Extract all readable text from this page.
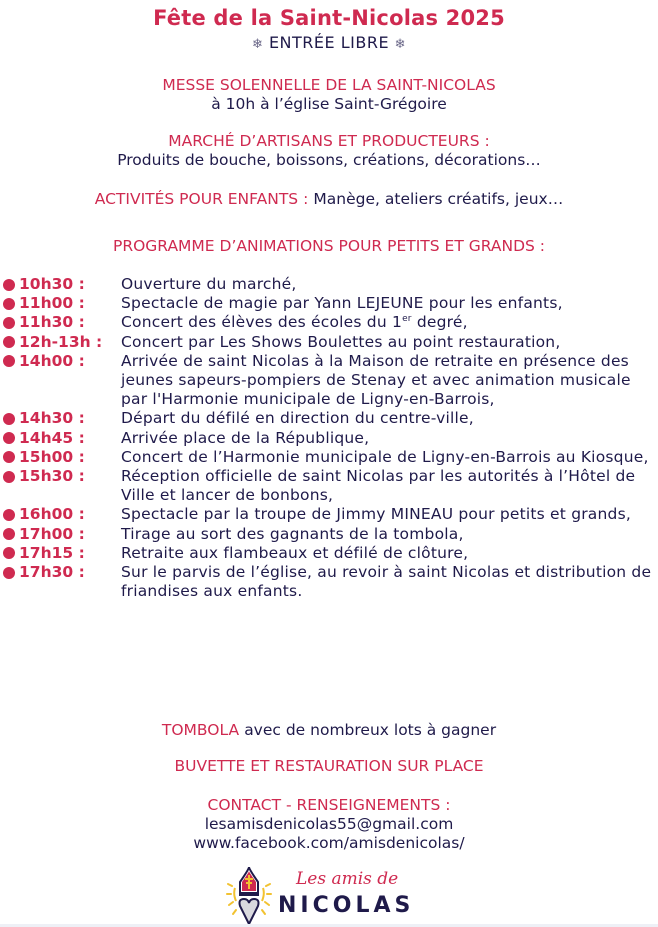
Fête de la Saint-Nicolas 2025
❄ ENTRÉE LIBRE ❄
MESSE SOLENNELLE DE LA SAINT-NICOLAS
à 10h à l’église Saint-Grégoire
MARCHÉ D’ARTISANS ET PRODUCTEURS :
Produits de bouche, boissons, créations, décorations…
ACTIVITÉS POUR ENFANTS : Manège, ateliers créatifs, jeux…
PROGRAMME D’ANIMATIONS POUR PETITS ET GRANDS :
10h30 : Ouverture du marché,
11h00 : Spectacle de magie par Yann LEJEUNE pour les enfants,
11h30 : Concert des élèves des écoles du 1er degré,
12h-13h : Concert par Les Shows Boulettes au point restauration,
14h00 : Arrivée de saint Nicolas à la Maison de retraite en présence des jeunes sapeurs-pompiers de Stenay et avec animation musicale par l'Harmonie municipale de Ligny-en-Barrois,
14h30 : Départ du défilé en direction du centre-ville,
14h45 : Arrivée place de la République,
15h00 : Concert de l’Harmonie municipale de Ligny-en-Barrois au Kiosque,
15h30 : Réception officielle de saint Nicolas par les autorités à l’Hôtel de Ville et lancer de bonbons,
16h00 : Spectacle par la troupe de Jimmy MINEAU pour petits et grands,
17h00 : Tirage au sort des gagnants de la tombola,
17h15 : Retraite aux flambeaux et défilé de clôture,
17h30 : Sur le parvis de l’église, au revoir à saint Nicolas et distribution de friandises aux enfants.
TOMBOLA avec de nombreux lots à gagner
BUVETTE ET RESTAURATION SUR PLACE
CONTACT - RENSEIGNEMENTS :
lesamisdenicolas55@gmail.com
www.facebook.com/amisdenicolas/
Les amis de
NICOLAS
